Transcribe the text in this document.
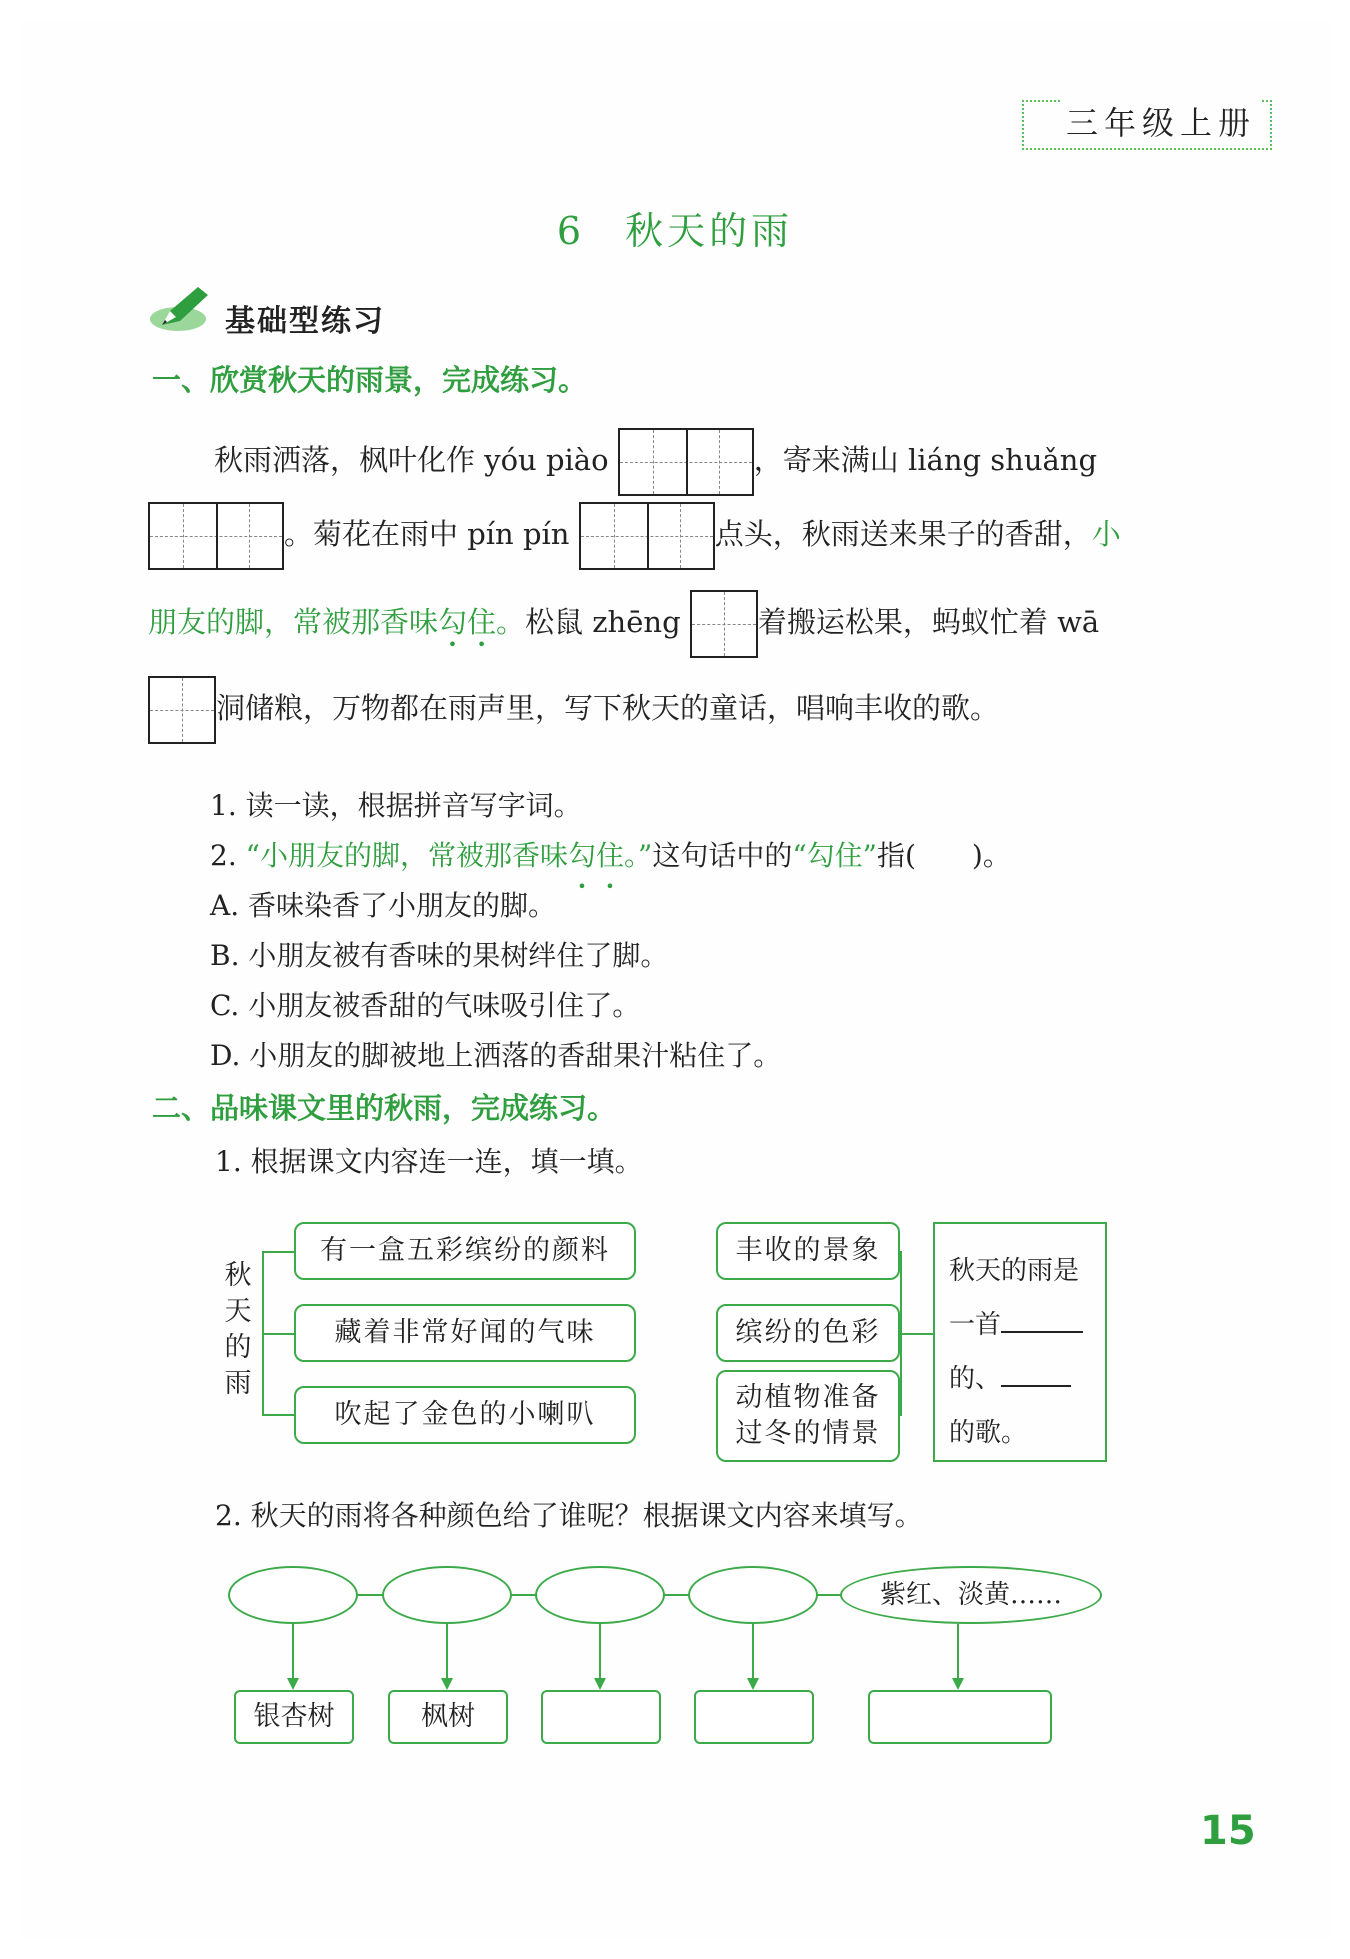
三年级上册
6 秋天的雨
基础型练习
一、欣赏秋天的雨景，完成练习。
秋雨洒落，枫叶化作 yóu piào	，寄来满山 liáng shuǎng
。菊花在雨中 pín pín	点头，秋雨送来果子的香甜，小
朋友的脚，常被那香味勾住。松鼠 zhēng	着搬运松果，蚂蚁忙着 wā
洞储粮，万物都在雨声里，写下秋天的童话，唱响丰收的歌。
1. 读一读，根据拼音写字词。
2. “小朋友的脚，常被那香味勾住。”这句话中的“勾住”指(　　)。
A. 香味染香了小朋友的脚。
B. 小朋友被有香味的果树绊住了脚。
C. 小朋友被香甜的气味吸引住了。
D. 小朋友的脚被地上洒落的香甜果汁粘住了。
二、品味课文里的秋雨，完成练习。
1. 根据课文内容连一连，填一填。
秋
天
的
雨
有一盒五彩缤纷的颜料
藏着非常好闻的气味
吹起了金色的小喇叭
丰收的景象
缤纷的色彩
动植物准备
过冬的情景
秋天的雨是
一首
的、
的歌。
2. 秋天的雨将各种颜色给了谁呢？根据课文内容来填写。
紫红、淡黄……
银杏树	枫树
15
